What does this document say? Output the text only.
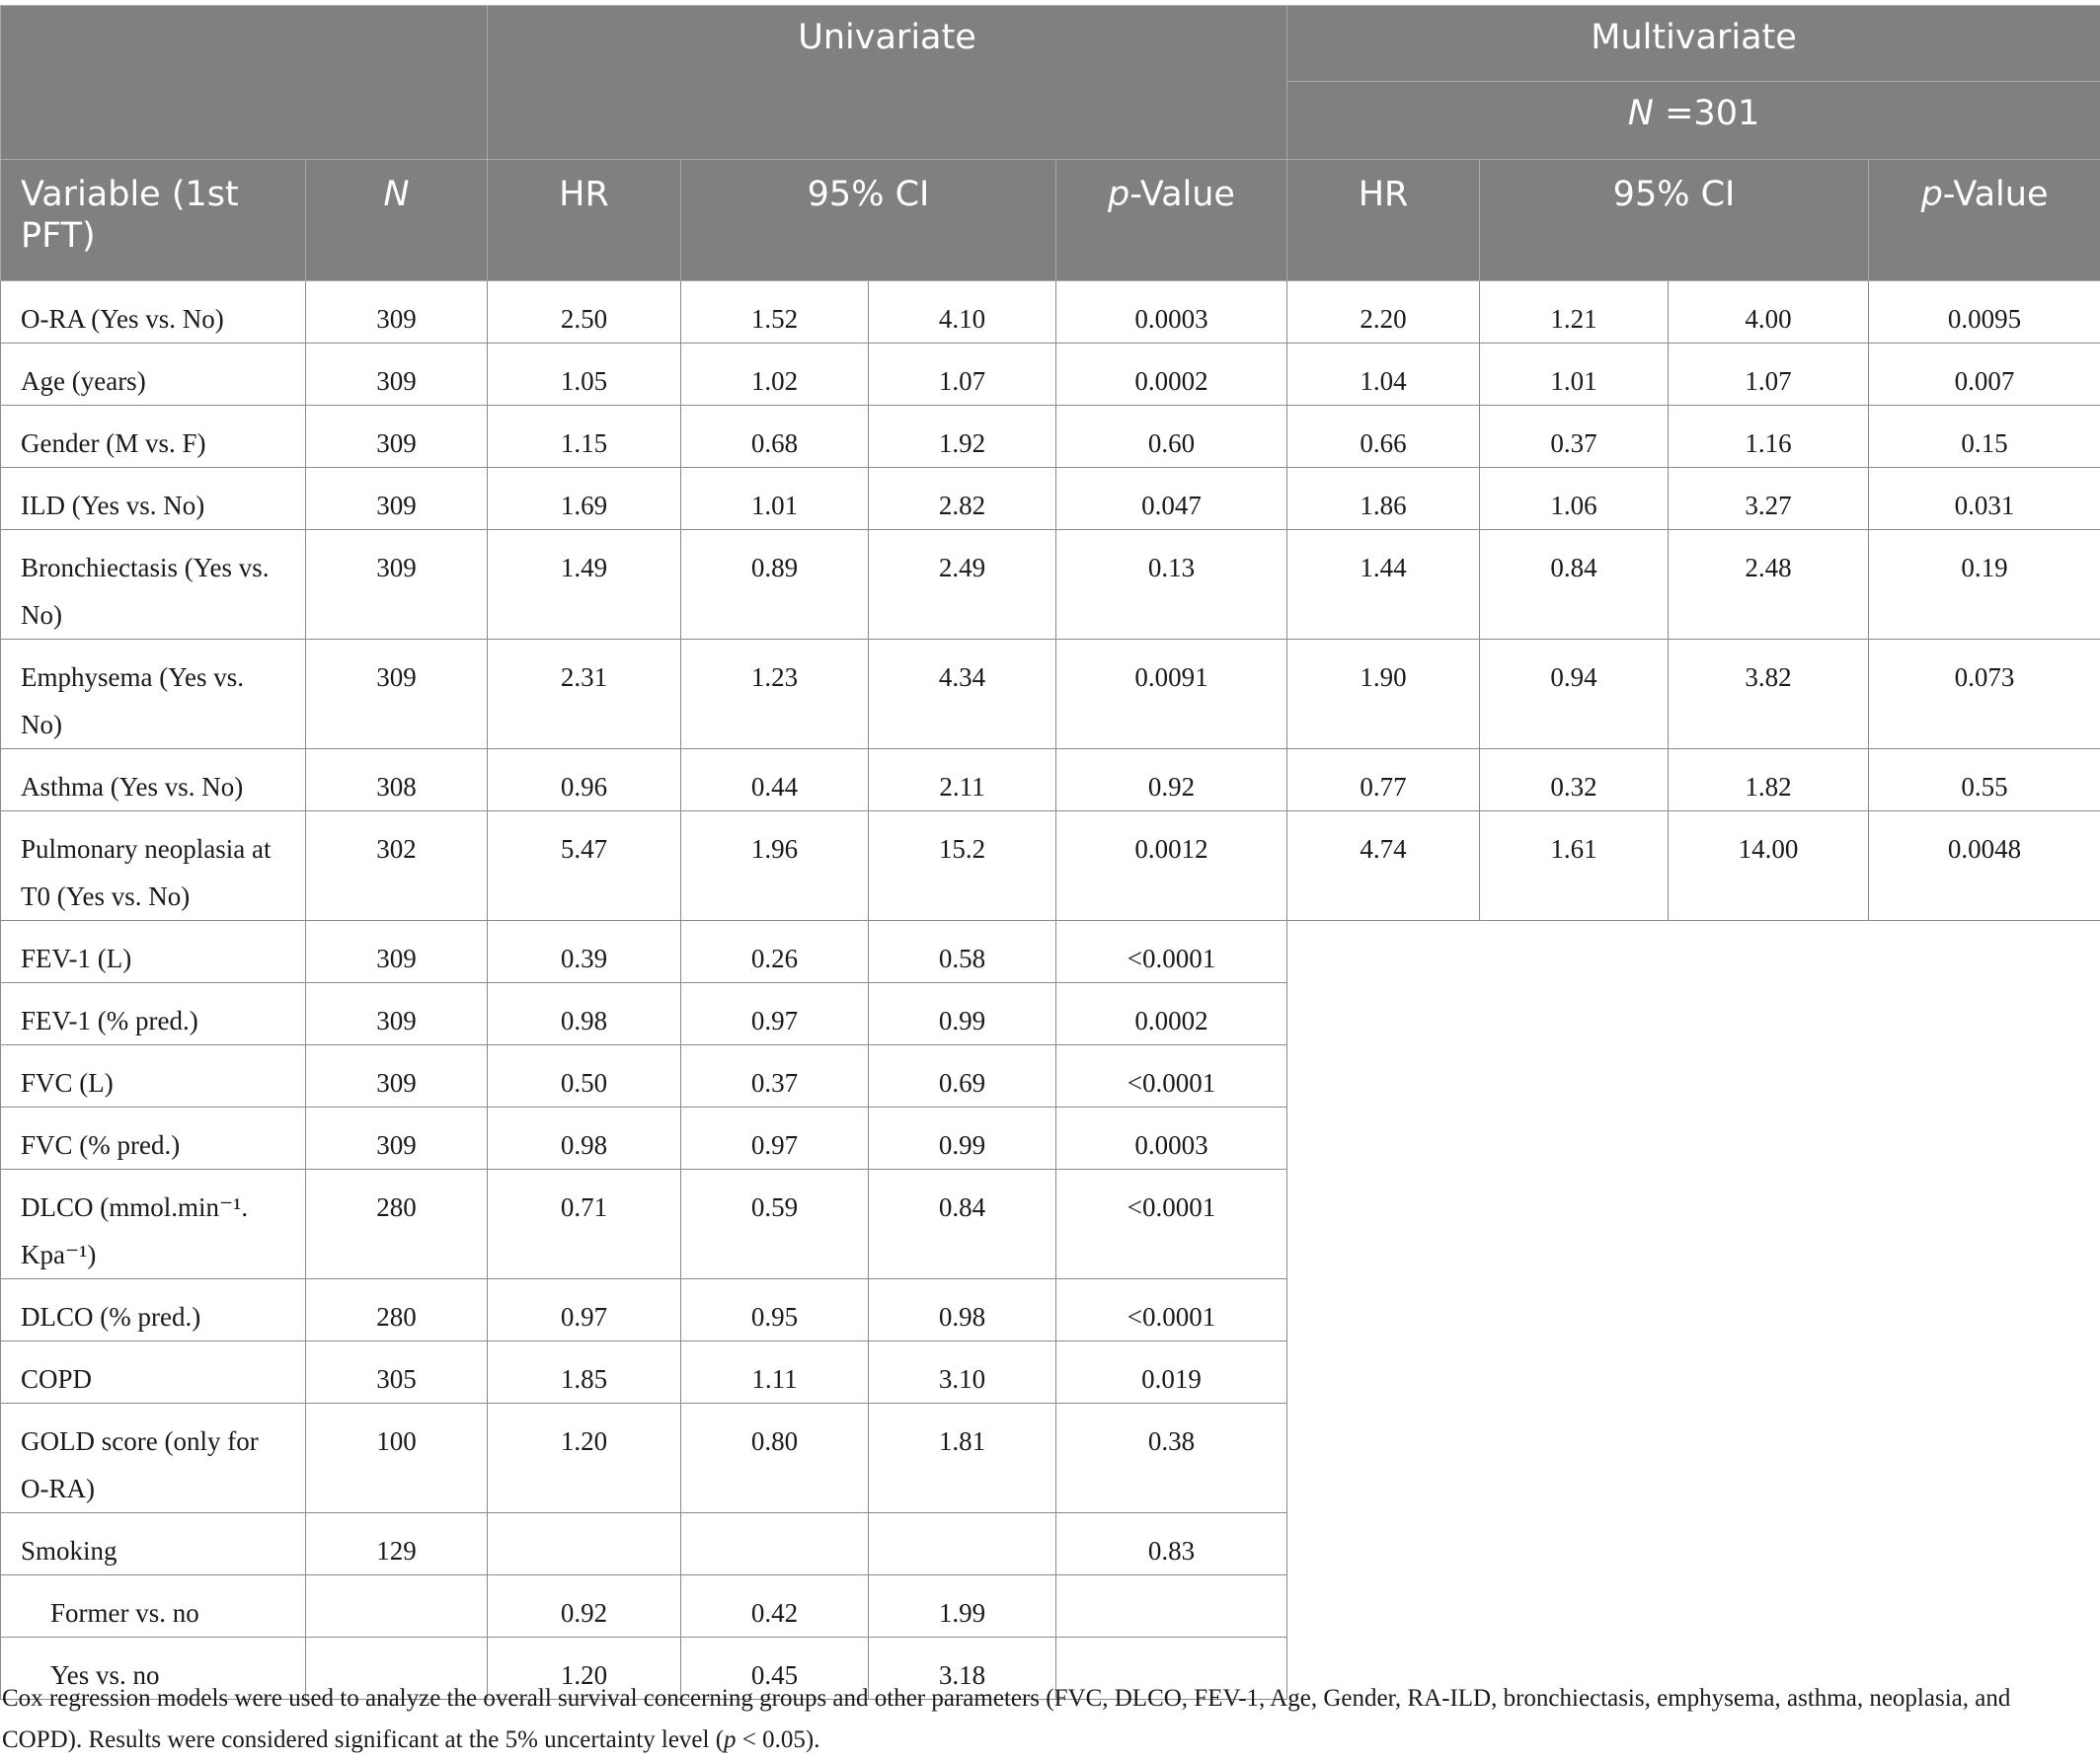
		Univariate				Multivariate			
						N =301			
Variable (1st PFT)	N	HR	95% CI		p-Value	HR	95% CI		p-Value
O-RA (Yes vs. No)	309	2.50	1.52	4.10	0.0003	2.20	1.21	4.00	0.0095
Age (years)	309	1.05	1.02	1.07	0.0002	1.04	1.01	1.07	0.007
Gender (M vs. F)	309	1.15	0.68	1.92	0.60	0.66	0.37	1.16	0.15
ILD (Yes vs. No)	309	1.69	1.01	2.82	0.047	1.86	1.06	3.27	0.031
Bronchiectasis (Yes vs. No)	309	1.49	0.89	2.49	0.13	1.44	0.84	2.48	0.19
Emphysema (Yes vs. No)	309	2.31	1.23	4.34	0.0091	1.90	0.94	3.82	0.073
Asthma (Yes vs. No)	308	0.96	0.44	2.11	0.92	0.77	0.32	1.82	0.55
Pulmonary neoplasia at T0 (Yes vs. No)	302	5.47	1.96	15.2	0.0012	4.74	1.61	14.00	0.0048
FEV-1 (L)	309	0.39	0.26	0.58	<0.0001				
FEV-1 (% pred.)	309	0.98	0.97	0.99	0.0002				
FVC (L)	309	0.50	0.37	0.69	<0.0001				
FVC (% pred.)	309	0.98	0.97	0.99	0.0003				
DLCO (mmol.min⁻¹. Kpa⁻¹)	280	0.71	0.59	0.84	<0.0001				
DLCO (% pred.)	280	0.97	0.95	0.98	<0.0001				
COPD	305	1.85	1.11	3.10	0.019				
GOLD score (only for O-RA)	100	1.20	0.80	1.81	0.38				
Smoking	129				0.83				
Former vs. no		0.92	0.42	1.99					
Yes vs. no		1.20	0.45	3.18					
Cox regression models were used to analyze the overall survival concerning groups and other parameters (FVC, DLCO, FEV-1, Age, Gender, RA-ILD, bronchiectasis, emphysema, asthma, neoplasia, and COPD). Results were considered significant at the 5% uncertainty level (p < 0.05).
